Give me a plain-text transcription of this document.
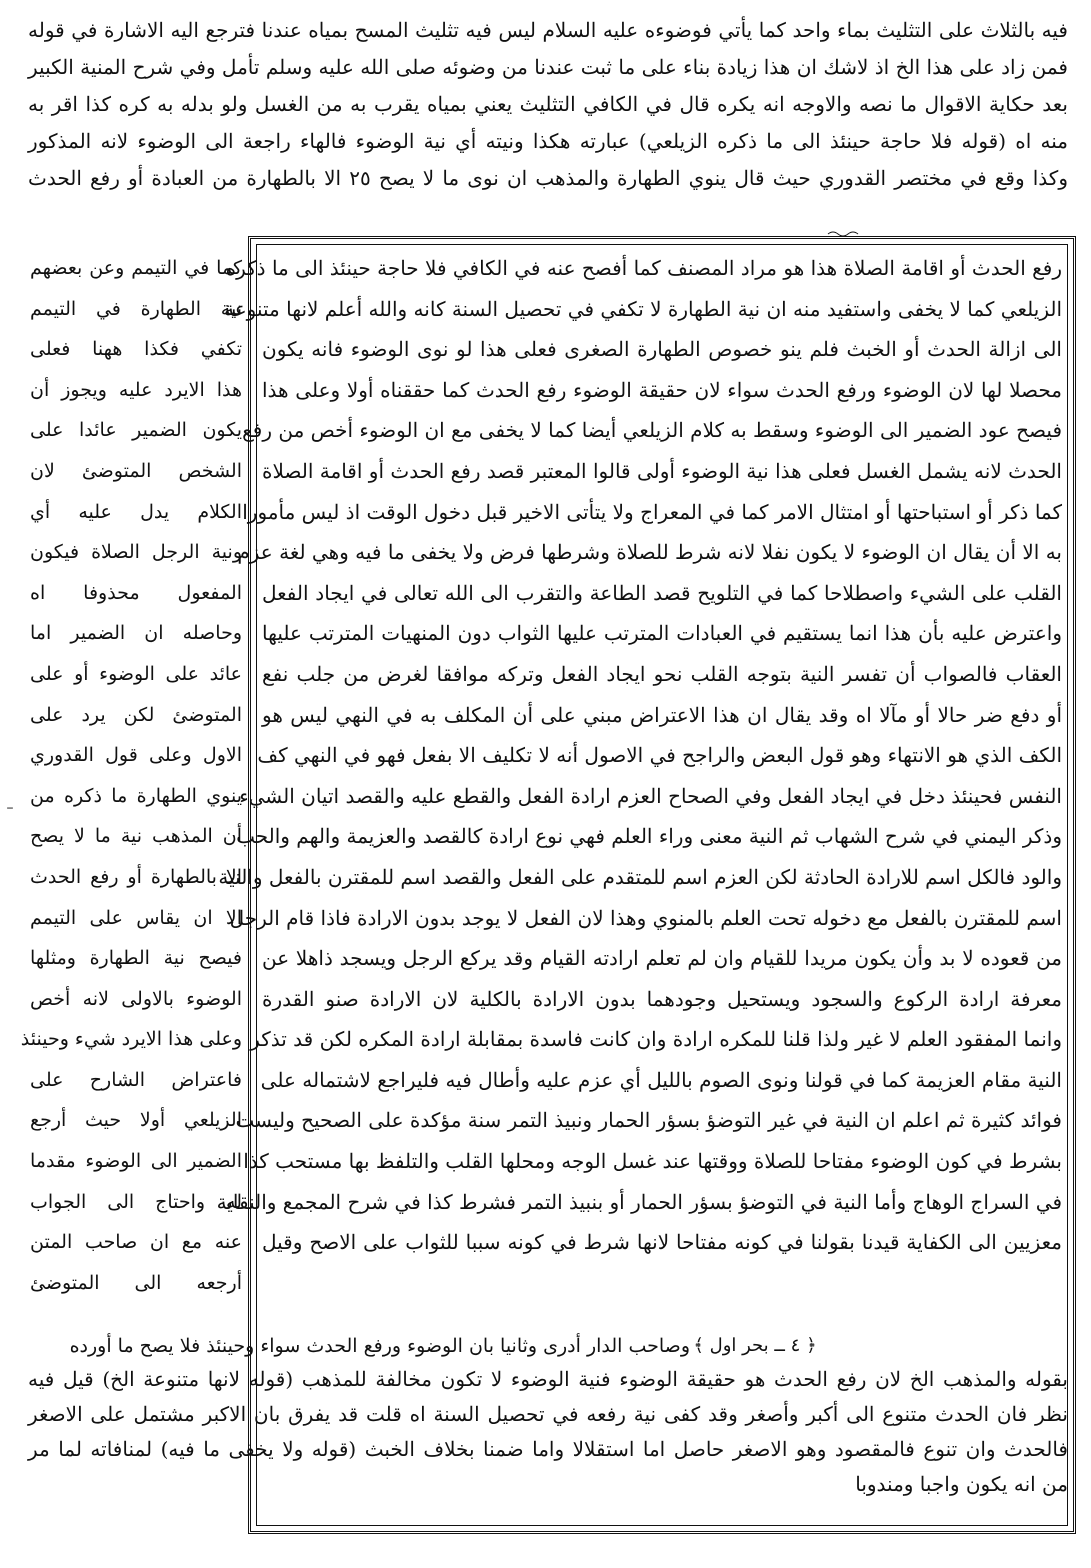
فيه بالثلاث على التثليث بماء واحد كما يأتي فوضوءه عليه السلام ليس فيه تثليث المسح بمياه عندنا فترجع اليه الاشارة في قوله
فمن زاد على هذا الخ اذ لاشك ان هذا زيادة بناء على ما ثبت عندنا من وضوئه صلى الله عليه وسلم تأمل وفي شرح المنية الكبير
بعد حكاية الاقوال ما نصه والاوجه انه يكره قال في الكافي التثليث يعني بمياه يقرب به من الغسل ولو بدله به كره كذا اقر به
منه اه (قوله فلا حاجة حينئذ الى ما ذكره الزيلعي) عبارته هكذا ونيته أي نية الوضوء فالهاء راجعة الى الوضوء لانه المذكور
وكذا وقع في مختصر القدوري حيث قال ينوي الطهارة والمذهب ان نوى ما لا يصح ٢٥ الا بالطهارة من العبادة أو رفع الحدث
رفع الحدث أو اقامة الصلاة هذا هو مراد المصنف كما أفصح عنه في الكافي فلا حاجة حينئذ الى ما ذكره
الزيلعي كما لا يخفى واستفيد منه ان نية الطهارة لا تكفي في تحصيل السنة كانه والله أعلم لانها متنوعة
الى ازالة الحدث أو الخبث فلم ينو خصوص الطهارة الصغرى فعلى هذا لو نوى الوضوء فانه يكون
محصلا لها لان الوضوء ورفع الحدث سواء لان حقيقة الوضوء رفع الحدث كما حققناه أولا وعلى هذا
فيصح عود الضمير الى الوضوء وسقط به كلام الزيلعي أيضا كما لا يخفى مع ان الوضوء أخص من رفع
الحدث لانه يشمل الغسل فعلى هذا نية الوضوء أولى قالوا المعتبر قصد رفع الحدث أو اقامة الصلاة
كما ذكر أو استباحتها أو امتثال الامر كما في المعراج ولا يتأتى الاخير قبل دخول الوقت اذ ليس مأمورا
به الا أن يقال ان الوضوء لا يكون نفلا لانه شرط للصلاة وشرطها فرض ولا يخفى ما فيه وهي لغة عزم
القلب على الشيء واصطلاحا كما في التلويح قصد الطاعة والتقرب الى الله تعالى في ايجاد الفعل
واعترض عليه بأن هذا انما يستقيم في العبادات المترتب عليها الثواب دون المنهيات المترتب عليها
العقاب فالصواب أن تفسر النية بتوجه القلب نحو ايجاد الفعل وتركه موافقا لغرض من جلب نفع
أو دفع ضر حالا أو مآلا اه وقد يقال ان هذا الاعتراض مبني على أن المكلف به في النهي ليس هو
الكف الذي هو الانتهاء وهو قول البعض والراجح في الاصول أنه لا تكليف الا بفعل فهو في النهي كف
النفس فحينئذ دخل في ايجاد الفعل وفي الصحاح العزم ارادة الفعل والقطع عليه والقصد اتيان الشيء
وذكر اليمني في شرح الشهاب ثم النية معنى وراء العلم فهي نوع ارادة كالقصد والعزيمة والهم والحب
والود فالكل اسم للارادة الحادثة لكن العزم اسم للمتقدم على الفعل والقصد اسم للمقترن بالفعل والنية
اسم للمقترن بالفعل مع دخوله تحت العلم بالمنوي وهذا لان الفعل لا يوجد بدون الارادة فاذا قام الرجل
من قعوده لا بد وأن يكون مريدا للقيام وان لم تعلم ارادته القيام وقد يركع الرجل ويسجد ذاهلا عن
معرفة ارادة الركوع والسجود ويستحيل وجودهما بدون الارادة بالكلية لان الارادة صنو القدرة
وانما المفقود العلم لا غير ولذا قلنا للمكره ارادة وان كانت فاسدة بمقابلة ارادة المكره لكن قد تذكر
النية مقام العزيمة كما في قولنا ونوى الصوم بالليل أي عزم عليه وأطال فيه فليراجع لاشتماله على
فوائد كثيرة ثم اعلم ان النية في غير التوضؤ بسؤر الحمار ونبيذ التمر سنة مؤكدة على الصحيح وليست
بشرط في كون الوضوء مفتاحا للصلاة ووقتها عند غسل الوجه ومحلها القلب والتلفظ بها مستحب كذا
في السراج الوهاج وأما النية في التوضؤ بسؤر الحمار أو بنبيذ التمر فشرط كذا في شرح المجمع والنقاية
معزيين الى الكفاية قيدنا بقولنا في كونه مفتاحا لانها شرط في كونه سببا للثواب على الاصح وقيل
كما في التيمم وعن بعضهم
نية الطهارة في التيمم
تكفي فكذا ههنا فعلى
هذا الايرد عليه ويجوز أن
يكون الضمير عائدا على
الشخص المتوضئ لان
الكلام يدل عليه أي
ونية الرجل الصلاة فيكون
المفعول محذوفا اه
وحاصله ان الضمير اما
عائد على الوضوء أو على
المتوضئ لكن يرد على
الاول وعلى قول القدوري
ينوي الطهارة ما ذكره من
أن المذهب نية ما لا يصح
الا بالطهارة أو رفع الحدث
الا ان يقاس على التيمم
فيصح نية الطهارة ومثلها
الوضوء بالاولى لانه أخص
وعلى هذا الايرد شيء وحينئذ
فاعتراض الشارح على
الزيلعي أولا حيث أرجع
الضمير الى الوضوء مقدما
له واحتاج الى الجواب
عنه مع ان صاحب المتن
أرجعه الى المتوضئ
–
﴿ ٤ ــ بحر اول ﴾
وصاحب الدار أدرى وثانيا بان الوضوء ورفع الحدث سواء وحينئذ فلا يصح ما أورده
بقوله والمذهب الخ لان رفع الحدث هو حقيقة الوضوء فنية الوضوء لا تكون مخالفة للمذهب (قوله لانها متنوعة الخ) قيل فيه
نظر فان الحدث متنوع الى أكبر وأصغر وقد كفى نية رفعه في تحصيل السنة اه قلت قد يفرق بان الاكبر مشتمل على الاصغر
فالحدث وان تنوع فالمقصود وهو الاصغر حاصل اما استقلالا واما ضمنا بخلاف الخبث (قوله ولا يخفى ما فيه) لمنافاته لما مر
من انه يكون واجبا ومندوبا
